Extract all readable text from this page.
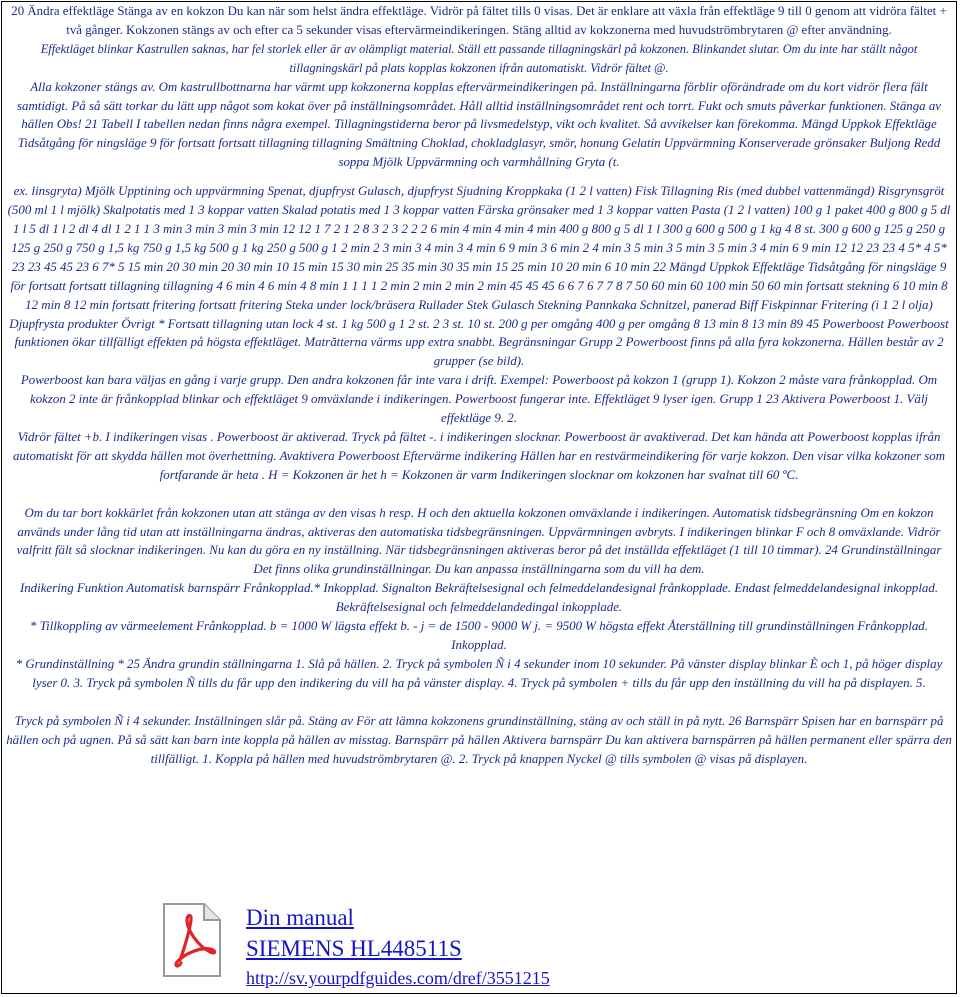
20 Ändra effektläge Stänga av en kokzon Du kan när som helst ändra effektläge. Vidrör på fältet tills 0 visas. Det är enklare att växla från effektläge 9 till 0 genom att vidröra fältet + två gånger. Kokzonen stängs av och efter ca 5 sekunder visas eftervärmeindikeringen. Stäng alltid av kokzonerna med huvudströmbrytaren @ efter användning.

Effektläget blinkar Kastrullen saknas, har fel storlek eller är av olämpligt material. Ställ ett passande tillagningskärl på kokzonen. Blinkandet slutar. Om du inte har ställt något tillagningskärl på plats kopplas kokzonen ifrån automatiskt. Vidrör fältet @.

Alla kokzoner stängs av. Om kastrullbottnarna har värmt upp kokzonerna kopplas eftervärmeindikeringen på. Inställningarna förblir oförändrade om du kort vidrör flera fält samtidigt. På så sätt torkar du lätt upp något som kokat över på inställningsområdet. Håll alltid inställningsområdet rent och torrt. Fukt och smuts påverkar funktionen. Stänga av hällen Obs! 21 Tabell I tabellen nedan finns några exempel. Tillagningstiderna beror på livsmedelstyp, vikt och kvalitet. Så avvikelser kan förekomma. Mängd Uppkok Effektläge Tidsåtgång för ningsläge 9 för fortsatt fortsatt tillagning tillagning Smältning Choklad, chokladglasyr, smör, honung Gelatin Uppvärmning Konserverade grönsaker Buljong Redd soppa Mjölk Uppvärmning och varmhållning Gryta (t.

ex. linsgryta) Mjölk Upptining och uppvärmning Spenat, djupfryst Gulasch, djupfryst Sjudning Kroppkaka (1 2 l vatten) Fisk Tillagning Ris (med dubbel vattenmängd) Risgrynsgröt (500 ml 1 l mjölk) Skalpotatis med 1 3 koppar vatten Skalad potatis med 1 3 koppar vatten Färska grönsaker med 1 3 koppar vatten Pasta (1 2 l vatten) 100 g 1 paket 400 g 800 g 5 dl 1 l 5 dl 1 l 2 dl 4 dl 1 2 1 1 3 min 3 min 3 min 3 min 12 12 1 7 2 1 2 8 3 2 3 2 2 2 6 min 4 min 4 min 4 min 400 g 800 g 5 dl 1 l 300 g 600 g 500 g 1 kg 4 8 st. 300 g 600 g 125 g 250 g 125 g 250 g 750 g 1,5 kg 750 g 1,5 kg 500 g 1 kg 250 g 500 g 1 2 min 2 3 min 3 4 min 3 4 min 6 9 min 3 6 min 2 4 min 3 5 min 3 5 min 3 5 min 3 4 min 6 9 min 12 12 23 23 4 5* 4 5* 23 23 45 45 23 6 7* 5 15 min 20 30 min 20 30 min 10 15 min 15 30 min 25 35 min 30 35 min 15 25 min 10 20 min 6 10 min 22 Mängd Uppkok Effektläge Tidsåtgång för ningsläge 9 för fortsatt fortsatt tillagning tillagning 4 6 min 4 6 min 4 8 min 1 1 1 1 2 min 2 min 2 min 2 min 45 45 45 6 6 7 6 7 7 8 7 50 60 min 60 100 min 50 60 min fortsatt stekning 6 10 min 8 12 min 8 12 min fortsatt fritering fortsatt fritering Steka under lock/bräsera Rullader Stek Gulasch Stekning Pannkaka Schnitzel, panerad Biff Fiskpinnar Fritering (i 1 2 l olja) Djupfrysta produkter Övrigt * Fortsatt tillagning utan lock 4 st. 1 kg 500 g 1 2 st. 2 3 st. 10 st. 200 g per omgång 400 g per omgång 8 13 min 8 13 min 89 45 Powerboost Powerboost funktionen ökar tillfälligt effekten på högsta effektläget. Matrătterna värms upp extra snabbt. Begränsningar Grupp 2 Powerboost finns på alla fyra kokzonerna. Hällen består av 2 grupper (se bild).

Powerboost kan bara väljas en gång i varje grupp. Den andra kokzonen får inte vara i drift. Exempel: Powerboost på kokzon 1 (grupp 1). Kokzon 2 måste vara frånkopplad. Om kokzon 2 inte är frånkopplad blinkar och effektläget 9 omväxlande i indikeringen. Powerboost fungerar inte. Effektläget 9 lyser igen. Grupp 1 23 Aktivera Powerboost 1. Välj effektläge 9. 2.

Vidrör fältet +b. I indikeringen visas . Powerboost är aktiverad. Tryck på fältet -. i indikeringen slocknar. Powerboost är avaktiverad. Det kan hända att Powerboost kopplas ifrån automatiskt för att skydda hällen mot överhettning. Avaktivera Powerboost Eftervärme indikering Hällen har en restvärmeindikering för varje kokzon. Den visar vilka kokzoner som fortfarande är heta . H = Kokzonen är het h = Kokzonen är varm Indikeringen slocknar om kokzonen har svalnat till 60 ºC.

Om du tar bort kokkärlet från kokzonen utan att stänga av den visas h resp. H och den aktuella kokzonen omväxlande i indikeringen. Automatisk tidsbegränsning Om en kokzon används under lång tid utan att inställningarna ändras, aktiveras den automatiska tidsbegränsningen. Uppvärmningen avbryts. I indikeringen blinkar F och 8 omväxlande. Vidrör valfritt fält så slocknar indikeringen. Nu kan du göra en ny inställning. När tidsbegränsningen aktiveras beror på det inställda effektläget (1 till 10 timmar). 24 Grundinställningar Det finns olika grundinställningar. Du kan anpassa inställningarna som du vill ha dem.

Indikering Funktion Automatisk barnspärr Frånkopplad.* Inkopplad. Signalton Bekräftelsesignal och felmeddelandesignal frånkopplade. Endast felmeddelandesignal inkopplad. Bekräftelsesignal och felmeddelandedingal inkopplade.

* Tillkoppling av värmeelement Frånkopplad. b = 1000 W lägsta effekt b. - j = de 1500 - 9000 W j. = 9500 W högsta effekt Återställning till grundinställningen Frånkopplad. Inkopplad.

* Grundinställning * 25 Ändra grundin ställningarna 1. Slå på hällen. 2. Tryck på symbolen Ñ i 4 sekunder inom 10 sekunder. På vänster display blinkar È och 1, på höger display lyser 0. 3. Tryck på symbolen Ñ tills du får upp den indikering du vill ha på vänster display. 4. Tryck på symbolen + tills du får upp den inställning du vill ha på displayen. 5.

Tryck på symbolen Ñ i 4 sekunder. Inställningen slår på. Stäng av För att lämna kokzonens grundinställning, stäng av och ställ in på nytt. 26 Barnspärr Spisen har en barnspärr på hällen och på ugnen. På så sätt kan barn inte koppla på hällen av misstag. Barnspärr på hällen Aktivera barnspärr Du kan aktivera barnspärren på hällen permanent eller spärra den tillfälligt. 1. Koppla på hällen med huvudströmbrytaren @. 2. Tryck på knappen Nyckel @ tills symbolen @ visas på displayen.

Din manual
SIEMENS HL448511S
http://sv.yourpdfguides.com/dref/3551215
